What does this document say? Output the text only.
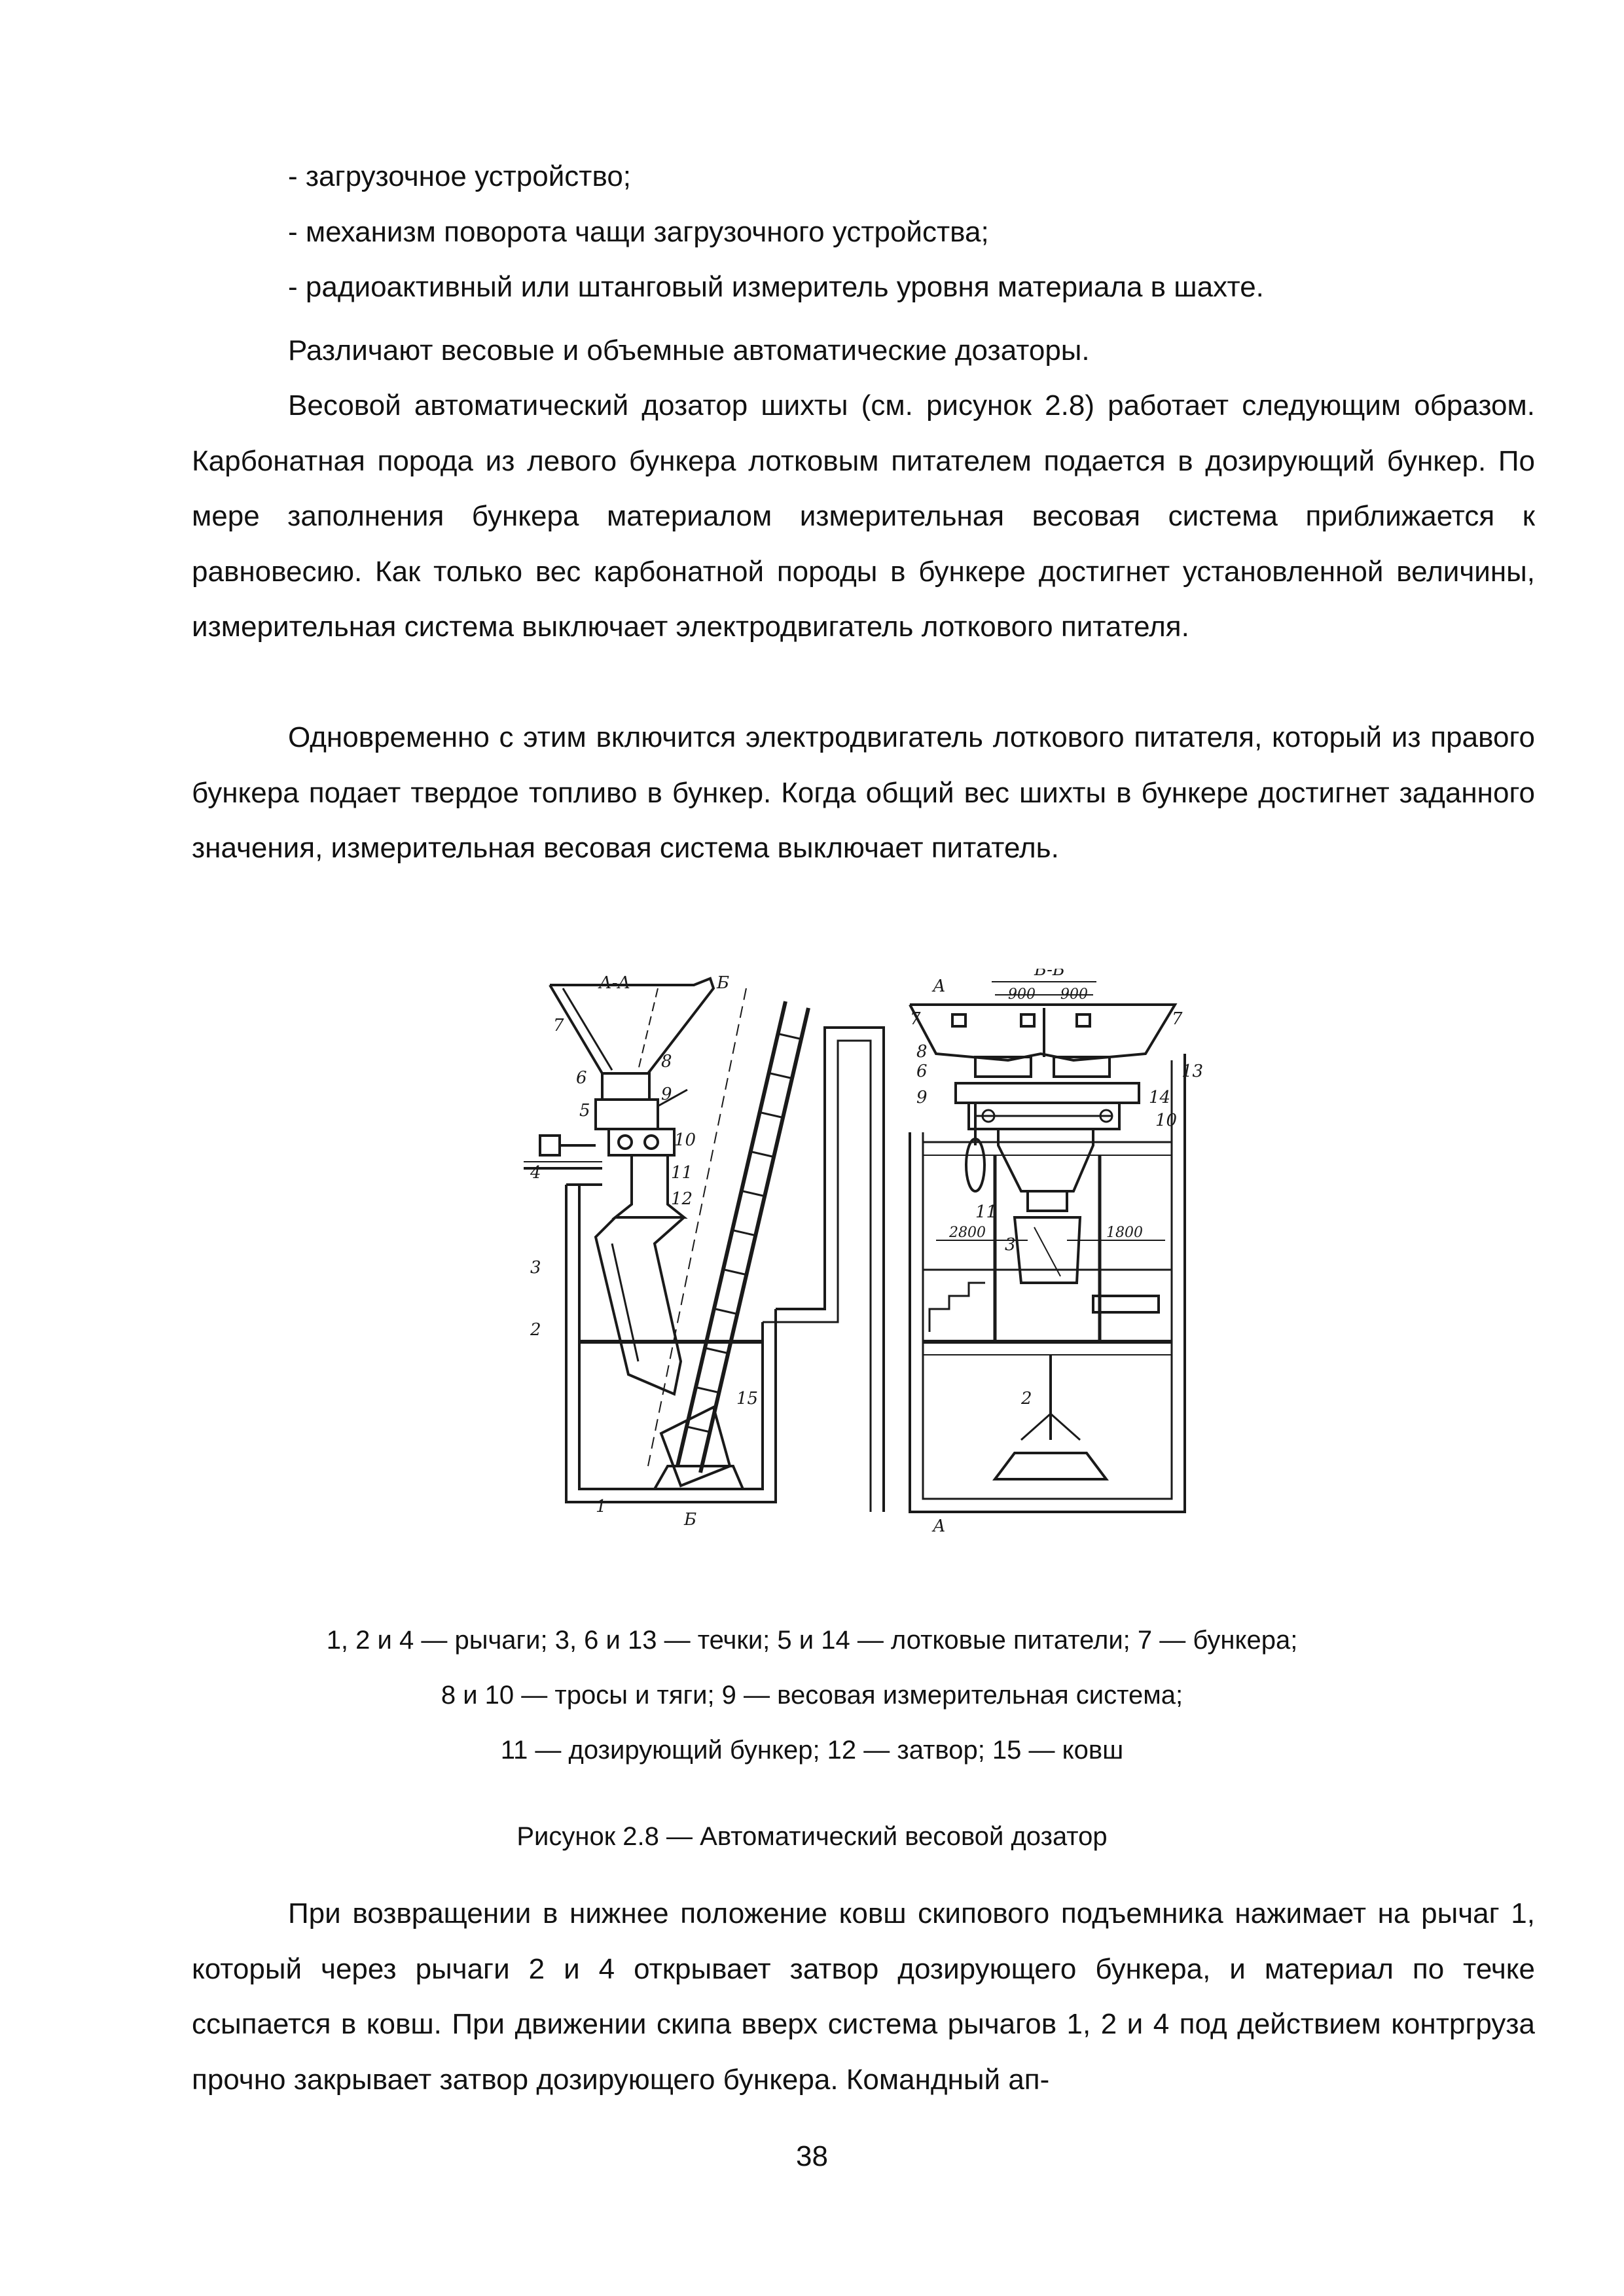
- загрузочное устройство;
- механизм поворота чащи загрузочного устройства;
- радиоактивный или штанговый измеритель уровня материала в шахте.
Различают весовые и объемные автоматические дозаторы.
Весовой автоматический дозатор шихты (см. рисунок 2.8) работает следующим образом. Карбонатная порода из левого бункера лотковым питателем подается в дозирующий бункер. По мере заполнения бункера материалом измерительная весовая система приближается к равновесию. Как только вес карбонатной породы в бункере достигнет установленной величины, измерительная система выключает электродвигатель лоткового питателя.
Одновременно с этим включится электродвигатель лоткового питателя, который из правого бункера подает твердое топливо в бункер. Когда общий вес шихты в бункере достигнет заданного значения, измерительная весовая система выключает питатель.
А-А
Б-Б
Б
Б
А
А
900 900
2800	1800
7
6
5
8
9
10
11
12
4
3
2
15
1
7	7
8
6
9
13
14
10
11
3
2
1, 2 и 4 — рычаги; 3, 6 и 13 — течки; 5 и 14 — лотковые питатели; 7 — бункера;
8 и 10 — тросы и тяги; 9 — весовая измерительная система;
11 — дозирующий бункер; 12 — затвор; 15 — ковш
Рисунок 2.8 — Автоматический весовой дозатор
При возвращении в нижнее положение ковш скипового подъемника нажимает на рычаг 1, который через рычаги 2 и 4 открывает затвор дозирующего бункера, и материал по течке ссыпается в ковш. При движении скипа вверх система рычагов 1, 2 и 4 под действием контргруза прочно закрывает затвор дозирующего бункера. Командный ап-
38
